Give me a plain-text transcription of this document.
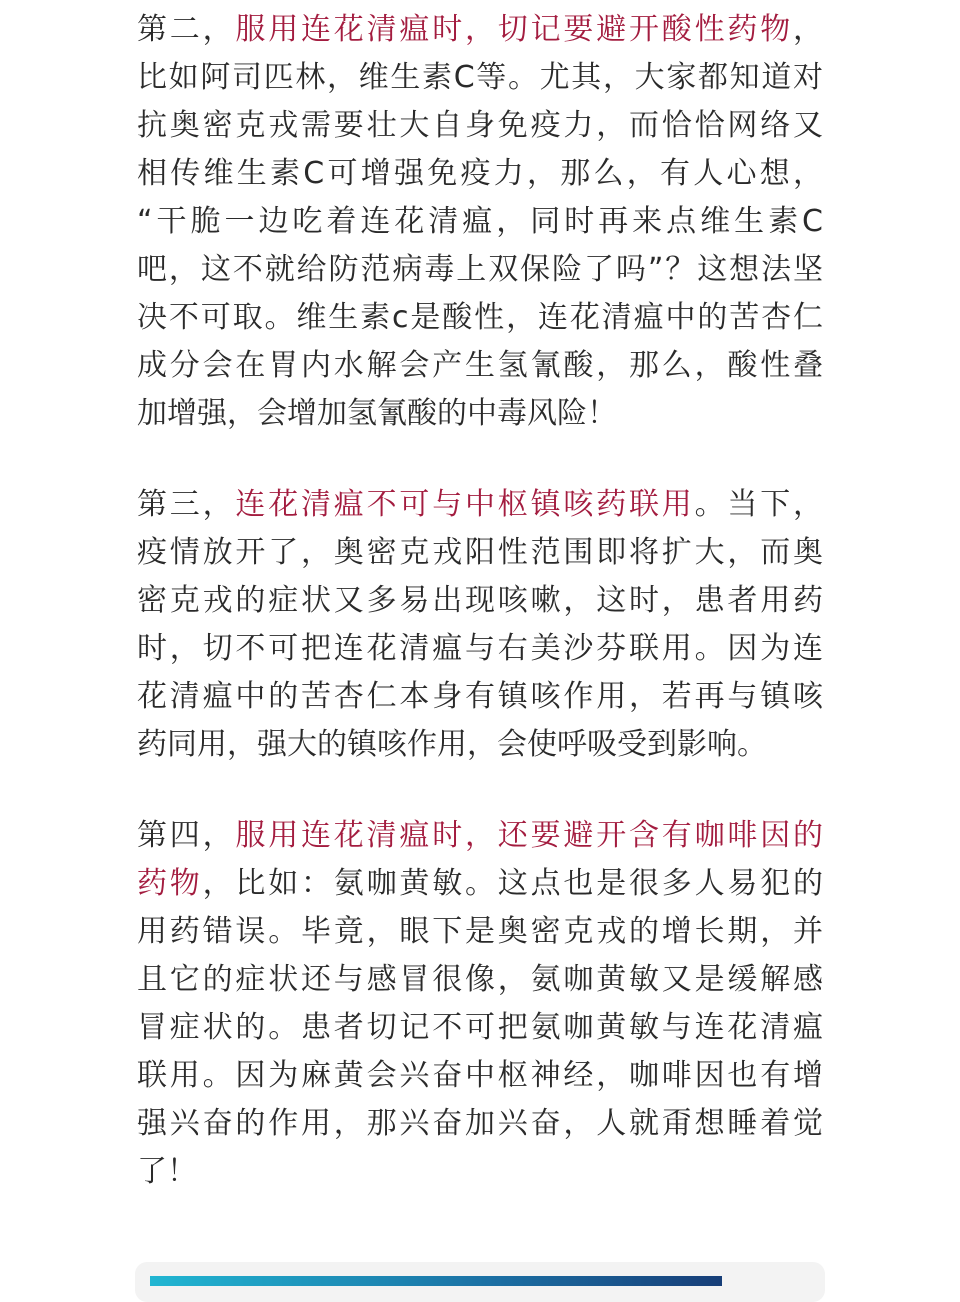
第二，服用连花清瘟时，切记要避开酸性药物，
比如阿司匹林，维生素C等。尤其，大家都知道对
抗奥密克戎需要壮大自身免疫力，而恰恰网络又
相传维生素C可增强免疫力，那么，有人心想，
“干脆一边吃着连花清瘟，同时再来点维生素C
吧，这不就给防范病毒上双保险了吗”？这想法坚
决不可取。维生素c是酸性，连花清瘟中的苦杏仁
成分会在胃内水解会产生氢氰酸，那么，酸性叠
加增强，会增加氢氰酸的中毒风险！
第三，连花清瘟不可与中枢镇咳药联用。当下，
疫情放开了，奥密克戎阳性范围即将扩大，而奥
密克戎的症状又多易出现咳嗽，这时，患者用药
时，切不可把连花清瘟与右美沙芬联用。因为连
花清瘟中的苦杏仁本身有镇咳作用，若再与镇咳
药同用，强大的镇咳作用，会使呼吸受到影响。
第四，服用连花清瘟时，还要避开含有咖啡因的
药物，比如：氨咖黄敏。这点也是很多人易犯的
用药错误。毕竟，眼下是奥密克戎的增长期，并
且它的症状还与感冒很像，氨咖黄敏又是缓解感
冒症状的。患者切记不可把氨咖黄敏与连花清瘟
联用。因为麻黄会兴奋中枢神经，咖啡因也有增
强兴奋的作用，那兴奋加兴奋，人就甭想睡着觉
了！
